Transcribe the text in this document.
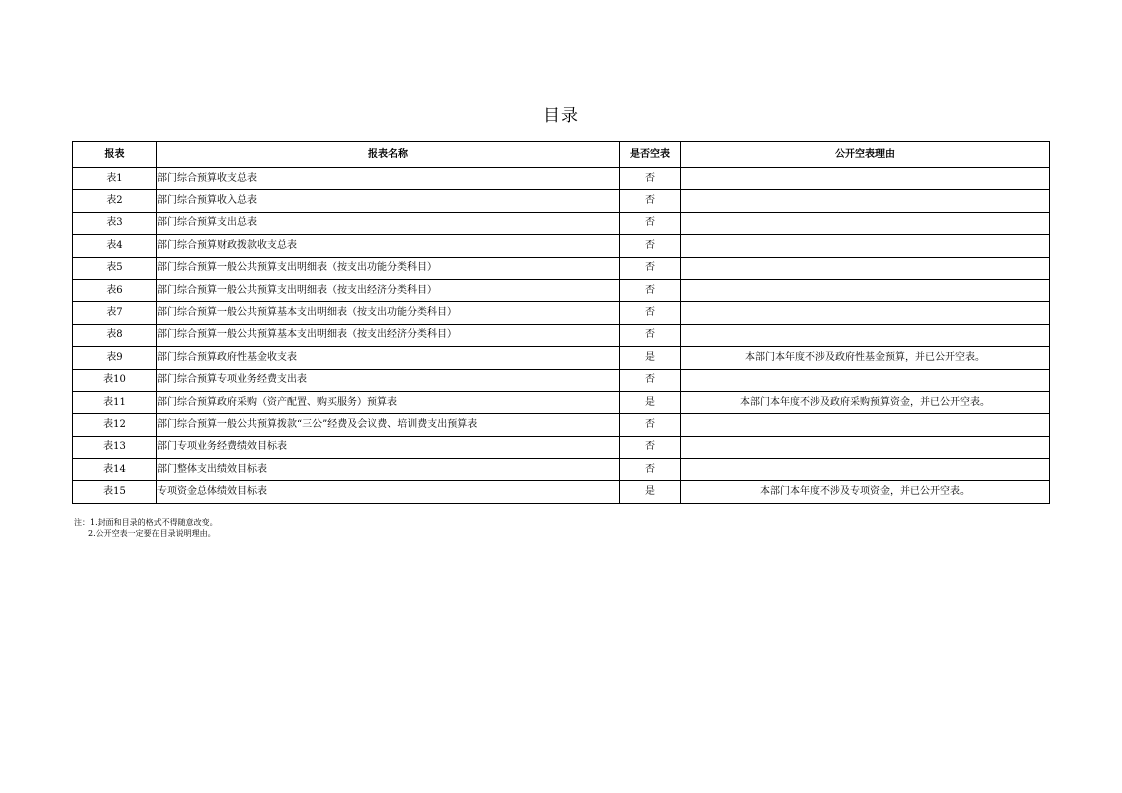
目录
报表	报表名称	是否空表	公开空表理由
表1	部门综合预算收支总表	否	
表2	部门综合预算收入总表	否	
表3	部门综合预算支出总表	否	
表4	部门综合预算财政拨款收支总表	否	
表5	部门综合预算一般公共预算支出明细表（按支出功能分类科目）	否	
表6	部门综合预算一般公共预算支出明细表（按支出经济分类科目）	否	
表7	部门综合预算一般公共预算基本支出明细表（按支出功能分类科目）	否	
表8	部门综合预算一般公共预算基本支出明细表（按支出经济分类科目）	否	
表9	部门综合预算政府性基金收支表	是	本部门本年度不涉及政府性基金预算，并已公开空表。
表10	部门综合预算专项业务经费支出表	否	
表11	部门综合预算政府采购（资产配置、购买服务）预算表	是	本部门本年度不涉及政府采购预算资金，并已公开空表。
表12	部门综合预算一般公共预算拨款“三公”经费及会议费、培训费支出预算表	否	
表13	部门专项业务经费绩效目标表	否	
表14	部门整体支出绩效目标表	否	
表15	专项资金总体绩效目标表	是	本部门本年度不涉及专项资金，并已公开空表。
注：1.封面和目录的格式不得随意改变。
2.公开空表一定要在目录说明理由。
